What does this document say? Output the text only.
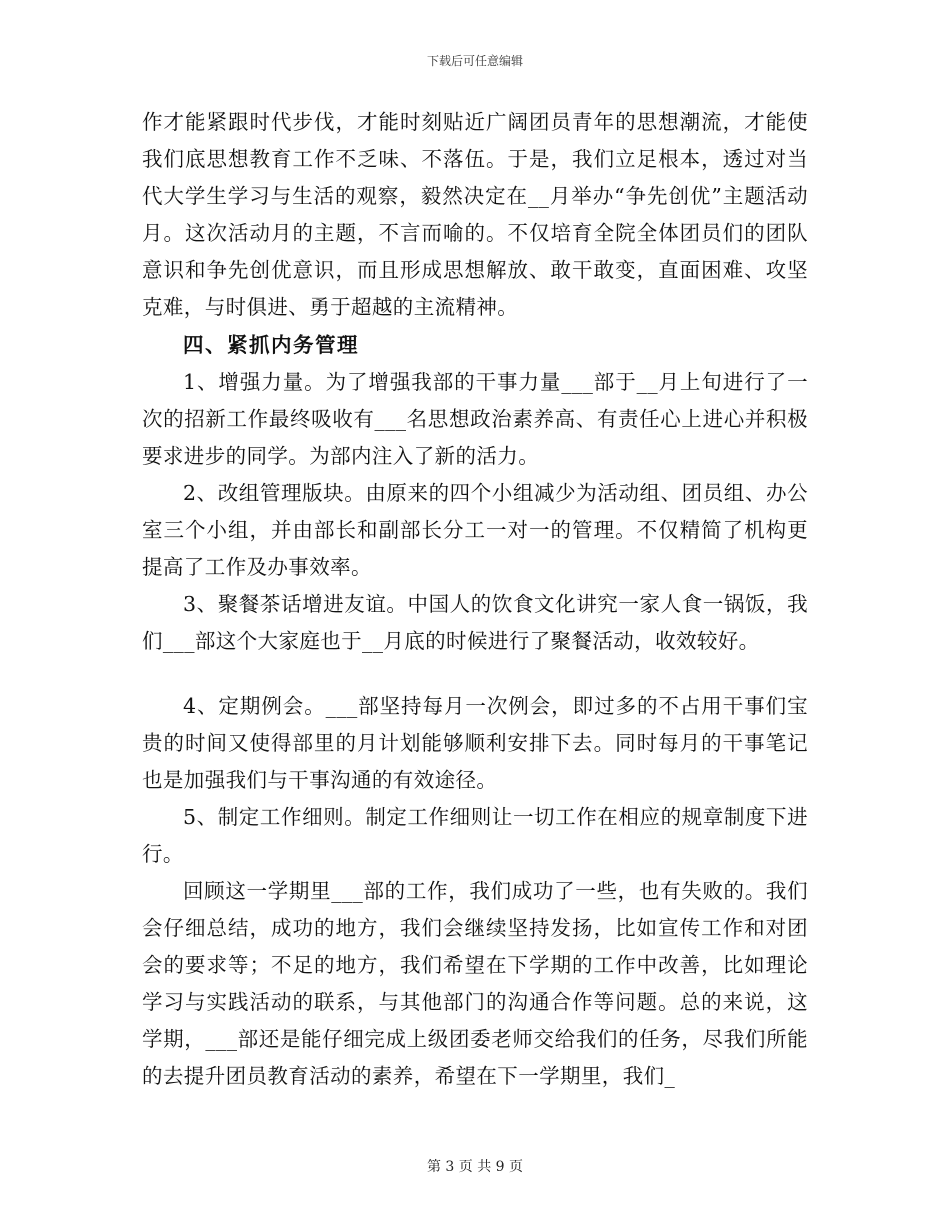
下载后可任意编辑

作才能紧跟时代步伐，才能时刻贴近广阔团员青年的思想潮流，才能使我们底思想教育工作不乏味、不落伍。于是，我们立足根本，透过对当代大学生学习与生活的观察，毅然决定在__月举办“争先创优”主题活动月。这次活动月的主题，不言而喻的。不仅培育全院全体团员们的团队意识和争先创优意识，而且形成思想解放、敢干敢变，直面困难、攻坚克难，与时俱进、勇于超越的主流精神。

四、紧抓内务管理

1、增强力量。为了增强我部的干事力量___部于__月上旬进行了一次的招新工作最终吸收有___名思想政治素养高、有责任心上进心并积极要求进步的同学。为部内注入了新的活力。

2、改组管理版块。由原来的四个小组减少为活动组、团员组、办公室三个小组，并由部长和副部长分工一对一的管理。不仅精简了机构更提高了工作及办事效率。

3、聚餐茶话增进友谊。中国人的饮食文化讲究一家人食一锅饭，我们___部这个大家庭也于__月底的时候进行了聚餐活动，收效较好。

4、定期例会。___部坚持每月一次例会，即过多的不占用干事们宝贵的时间又使得部里的月计划能够顺利安排下去。同时每月的干事笔记也是加强我们与干事沟通的有效途径。

5、制定工作细则。制定工作细则让一切工作在相应的规章制度下进行。

回顾这一学期里___部的工作，我们成功了一些，也有失败的。我们会仔细总结，成功的地方，我们会继续坚持发扬，比如宣传工作和对团会的要求等；不足的地方，我们希望在下学期的工作中改善，比如理论学习与实践活动的联系，与其他部门的沟通合作等问题。总的来说，这学期，___部还是能仔细完成上级团委老师交给我们的任务，尽我们所能的去提升团员教育活动的素养，希望在下一学期里，我们_

第 3 页 共 9 页
